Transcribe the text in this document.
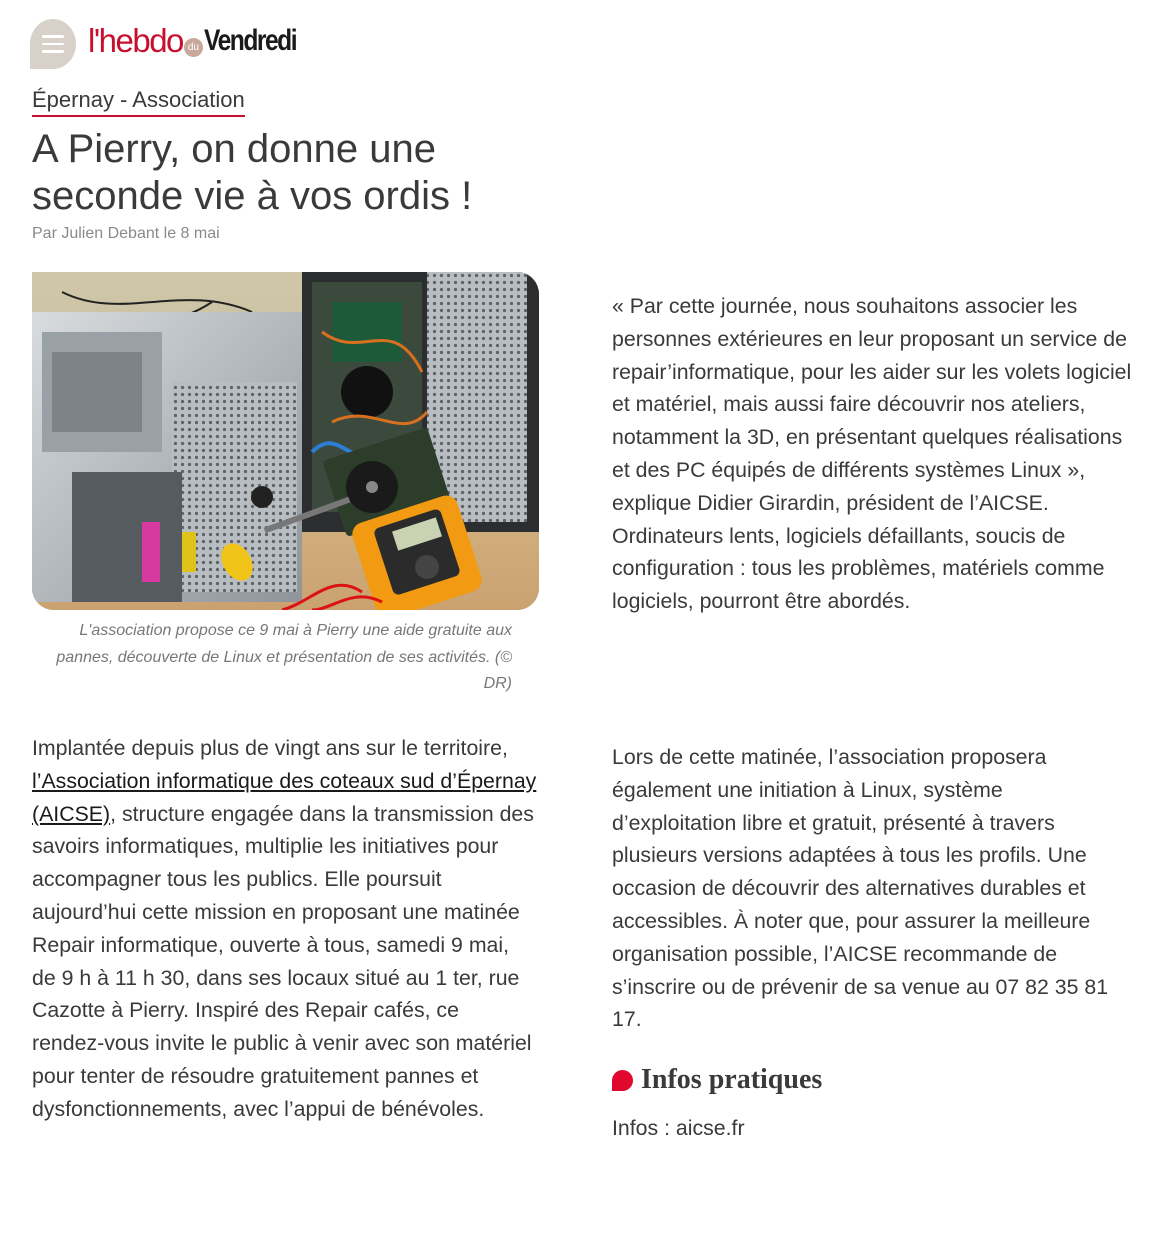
l'hebdo du Vendredi
Épernay - Association
A Pierry, on donne une seconde vie à vos ordis !
Par Julien Debant le 8 mai
L'association propose ce 9 mai à Pierry une aide gratuite aux pannes, découverte de Linux et présentation de ses activités. (© DR)
Implantée depuis plus de vingt ans sur le territoire, l’Association informatique des coteaux sud d’Épernay (AICSE), structure engagée dans la transmission des savoirs informatiques, multiplie les initiatives pour accompagner tous les publics. Elle poursuit aujourd’hui cette mission en proposant une matinée Repair informatique, ouverte à tous, samedi 9 mai, de 9 h à 11 h 30, dans ses locaux situé au 1 ter, rue Cazotte à Pierry. Inspiré des Repair cafés, ce rendez-vous invite le public à venir avec son matériel pour tenter de résoudre gratuitement pannes et dysfonctionnements, avec l’appui de bénévoles.
« Par cette journée, nous souhaitons associer les personnes extérieures en leur proposant un service de repair’informatique, pour les aider sur les volets logiciel et matériel, mais aussi faire découvrir nos ateliers, notamment la 3D, en présentant quelques réalisations et des PC équipés de différents systèmes Linux », explique Didier Girardin, président de l’AICSE. Ordinateurs lents, logiciels défaillants, soucis de configuration : tous les problèmes, matériels comme logiciels, pourront être abordés.
Lors de cette matinée, l’association proposera également une initiation à Linux, système d’exploitation libre et gratuit, présenté à travers plusieurs versions adaptées à tous les profils. Une occasion de découvrir des alternatives durables et accessibles. À noter que, pour assurer la meilleure organisation possible, l’AICSE recommande de s’inscrire ou de prévenir de sa venue au 07 82 35 81 17.
Infos pratiques
Infos : aicse.fr
